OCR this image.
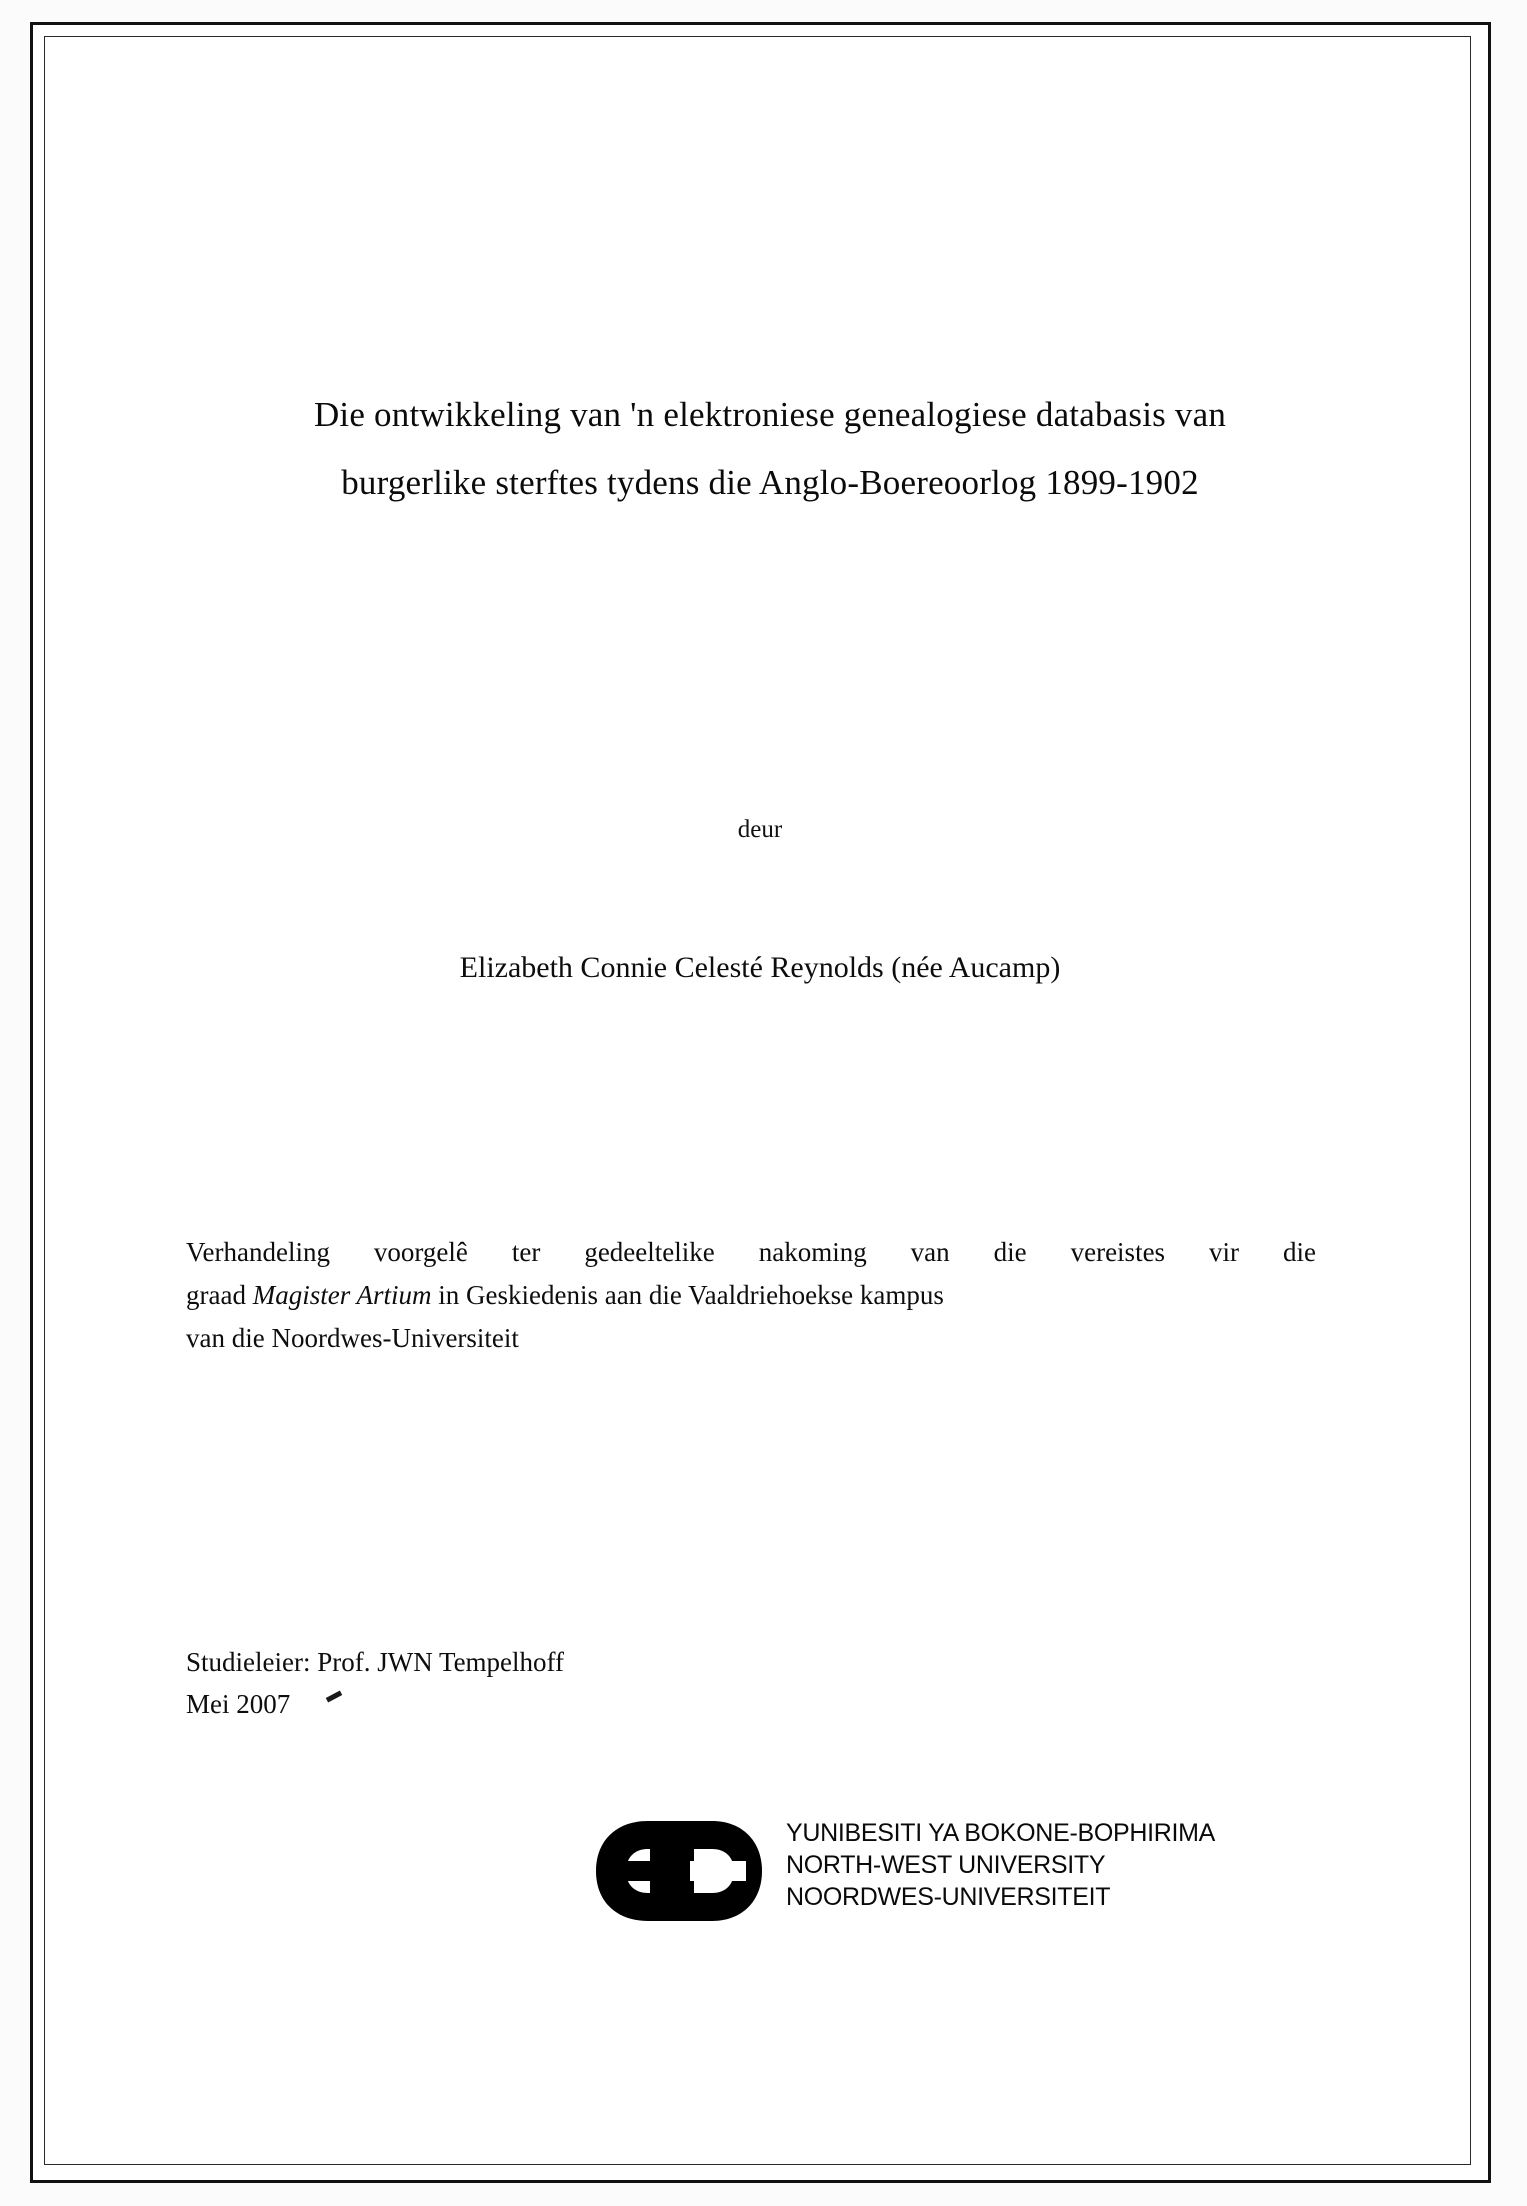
Die ontwikkeling van 'n elektroniese genealogiese databasis van
burgerlike sterftes tydens die Anglo-Boereoorlog 1899-1902
deur
Elizabeth Connie Celesté Reynolds (née Aucamp)
Verhandeling voorgelê ter gedeeltelike nakoming van die vereistes vir die
graad Magister Artium in Geskiedenis aan die Vaaldriehoekse kampus
van die Noordwes-Universiteit
Studieleier: Prof. JWN Tempelhoff
Mei 2007
YUNIBESITI YA BOKONE-BOPHIRIMA
NORTH-WEST UNIVERSITY
NOORDWES-UNIVERSITEIT
